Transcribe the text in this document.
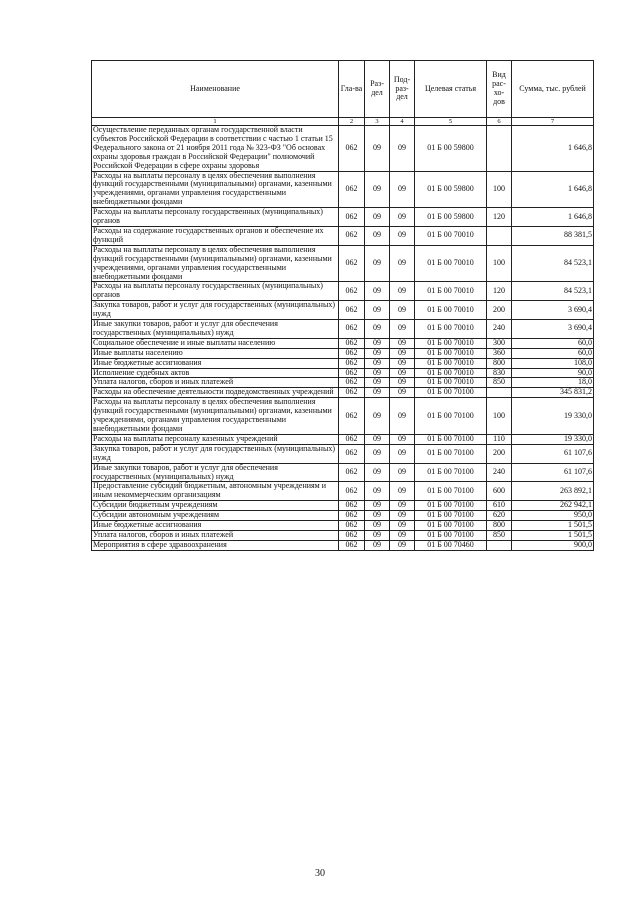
Наименование	Гла-ва	Раз-дел	Под-раз-дел	Целевая статья	Вид рас-хо-дов	Сумма, тыс. рублей
1	2	3	4	5	6	7
Осуществление переданных органам государственной власти субъектов Российской Федерации в соответствии с частью 1 статьи 15 Федерального закона от 21 ноября 2011 года № 323-ФЗ "Об основах охраны здоровья граждан в Российской Федерации" полномочий Российской Федерации в сфере охраны здоровья	062	09	09	01 Б 00 59800		1 646,8
Расходы на выплаты персоналу в целях обеспечения выполнения функций государственными (муниципальными) органами, казенными учреждениями, органами управления государственными внебюджетными фондами	062	09	09	01 Б 00 59800	100	1 646,8
Расходы на выплаты персоналу государственных (муниципальных) органов	062	09	09	01 Б 00 59800	120	1 646,8
Расходы на содержание государственных органов и обеспечение их функций	062	09	09	01 Б 00 70010		88 381,5
Расходы на выплаты персоналу в целях обеспечения выполнения функций государственными (муниципальными) органами, казенными учреждениями, органами управления государственными внебюджетными фондами	062	09	09	01 Б 00 70010	100	84 523,1
Расходы на выплаты персоналу государственных (муниципальных) органов	062	09	09	01 Б 00 70010	120	84 523,1
Закупка товаров, работ и услуг для государственных (муниципальных) нужд	062	09	09	01 Б 00 70010	200	3 690,4
Иные закупки товаров, работ и услуг для обеспечения государственных (муниципальных) нужд	062	09	09	01 Б 00 70010	240	3 690,4
Социальное обеспечение и иные выплаты населению	062	09	09	01 Б 00 70010	300	60,0
Иные выплаты населению	062	09	09	01 Б 00 70010	360	60,0
Иные бюджетные ассигнования	062	09	09	01 Б 00 70010	800	108,0
Исполнение судебных актов	062	09	09	01 Б 00 70010	830	90,0
Уплата налогов, сборов и иных платежей	062	09	09	01 Б 00 70010	850	18,0
Расходы на обеспечение деятельности подведомственных учреждений	062	09	09	01 Б 00 70100		345 831,2
Расходы на выплаты персоналу в целях обеспечения выполнения функций государственными (муниципальными) органами, казенными учреждениями, органами управления государственными внебюджетными фондами	062	09	09	01 Б 00 70100	100	19 330,0
Расходы на выплаты персоналу казенных учреждений	062	09	09	01 Б 00 70100	110	19 330,0
Закупка товаров, работ и услуг для государственных (муниципальных) нужд	062	09	09	01 Б 00 70100	200	61 107,6
Иные закупки товаров, работ и услуг для обеспечения государственных (муниципальных) нужд	062	09	09	01 Б 00 70100	240	61 107,6
Предоставление субсидий бюджетным, автономным учреждениям и иным некоммерческим организациям	062	09	09	01 Б 00 70100	600	263 892,1
Субсидии бюджетным учреждениям	062	09	09	01 Б 00 70100	610	262 942,1
Субсидии автономным учреждениям	062	09	09	01 Б 00 70100	620	950,0
Иные бюджетные ассигнования	062	09	09	01 Б 00 70100	800	1 501,5
Уплата налогов, сборов и иных платежей	062	09	09	01 Б 00 70100	850	1 501,5
Мероприятия в сфере здравоохранения	062	09	09	01 Б 00 70460		900,0
30
